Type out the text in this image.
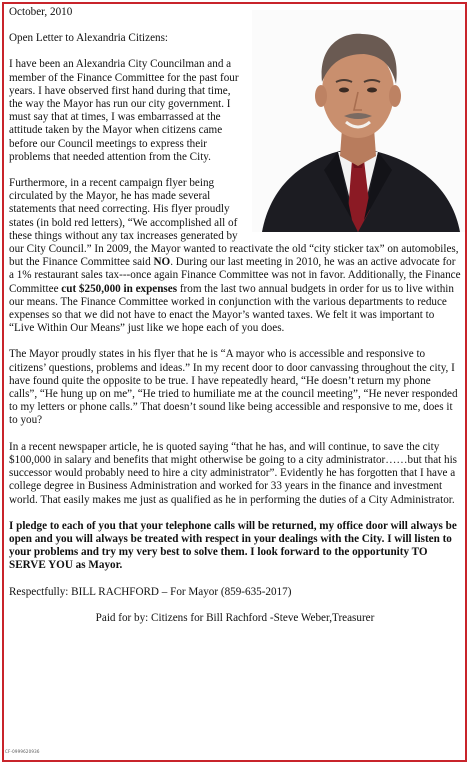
October, 2010

Open Letter to Alexandria Citizens:

I have been an Alexandria City Councilman and a member of the Finance Committee for the past four years. I have observed first hand during that time, the way the Mayor has run our city government. I must say that at times, I was embarrassed at the attitude taken by the Mayor when citizens came before our Council meetings to express their problems that needed attention from the City.

Furthermore, in a recent campaign flyer being circulated by the Mayor, he has made several statements that need correcting. His flyer proudly states (in bold red letters), “We accomplished all of these things without any tax increases generated by our City Council.” In 2009, the Mayor wanted to reactivate the old “city sticker tax” on automobiles, but the Finance Committee said NO. During our last meeting in 2010, he was an active advocate for a 1% restaurant sales tax---once again Finance Committee was not in favor. Additionally, the Finance Committee cut $250,000 in expenses from the last two annual budgets in order for us to live within our means. The Finance Committee worked in conjunction with the various departments to reduce expenses so that we did not have to enact the Mayor’s wanted taxes. We felt it was important to “Live Within Our Means” just like we hope each of you does.

The Mayor proudly states in his flyer that he is “A mayor who is accessible and responsive to citizens’ questions, problems and ideas.” In my recent door to door canvassing throughout the city, I have found quite the opposite to be true. I have repeatedly heard, “He doesn’t return my phone calls”, “He hung up on me”, “He tried to humiliate me at the council meeting”, “He never responded to my letters or phone calls.” That doesn’t sound like being accessible and responsive to me, does it to you?

In a recent newspaper article, he is quoted saying “that he has, and will continue, to save the city $100,000 in salary and benefits that might otherwise be going to a city administrator……but that his successor would probably need to hire a city administrator”. Evidently he has forgotten that I have a college degree in Business Administration and worked for 33 years in the finance and investment world. That easily makes me just as qualified as he in performing the duties of a City Administrator.

I pledge to each of you that your telephone calls will be returned, my office door will always be open and you will always be treated with respect in your dealings with the City. I will listen to your problems and try my very best to solve them. I look forward to the opportunity TO SERVE YOU as Mayor.

Respectfully: BILL RACHFORD – For Mayor (859-635-2017)

Paid for by: Citizens for Bill Rachford -Steve Weber,Treasurer

CF-0999620936
